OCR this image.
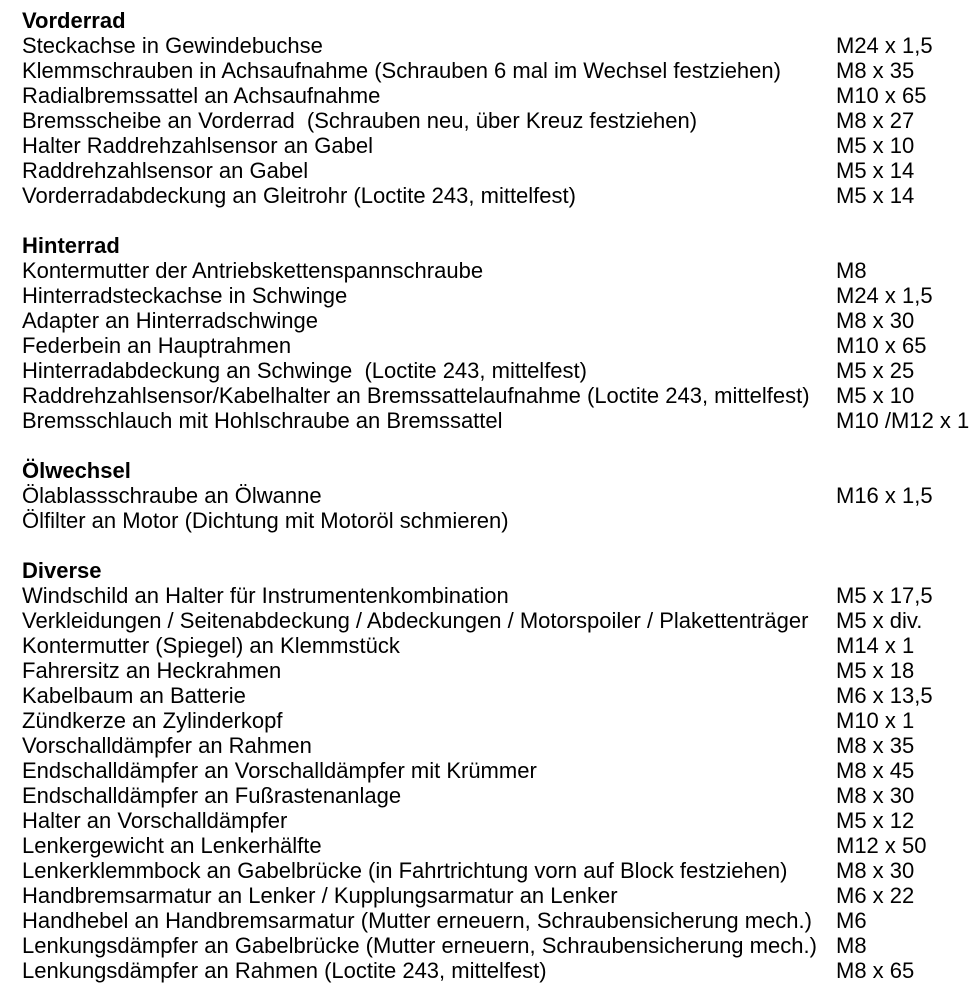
Vorderrad
Steckachse in Gewindebuchse	M24 x 1,5
Klemmschrauben in Achsaufnahme (Schrauben 6 mal im Wechsel festziehen)	M8 x 35
Radialbremssattel an Achsaufnahme	M10 x 65
Bremsscheibe an Vorderrad  (Schrauben neu, über Kreuz festziehen)	M8 x 27
Halter Raddrehzahlsensor an Gabel	M5 x 10
Raddrehzahlsensor an Gabel	M5 x 14
Vorderradabdeckung an Gleitrohr (Loctite 243, mittelfest)	M5 x 14
Hinterrad
Kontermutter der Antriebskettenspannschraube	M8
Hinterradsteckachse in Schwinge	M24 x 1,5
Adapter an Hinterradschwinge	M8 x 30
Federbein an Hauptrahmen	M10 x 65
Hinterradabdeckung an Schwinge  (Loctite 243, mittelfest)	M5 x 25
Raddrehzahlsensor/Kabelhalter an Bremssattelaufnahme (Loctite 243, mittelfest)	M5 x 10
Bremsschlauch mit Hohlschraube an Bremssattel	M10 /M12 x 1
Ölwechsel
Ölablassschraube an Ölwanne	M16 x 1,5
Ölfilter an Motor (Dichtung mit Motoröl schmieren)
Diverse
Windschild an Halter für Instrumentenkombination	M5 x 17,5
Verkleidungen / Seitenabdeckung / Abdeckungen / Motorspoiler / Plakettenträger	M5 x div.
Kontermutter (Spiegel) an Klemmstück	M14 x 1
Fahrersitz an Heckrahmen	M5 x 18
Kabelbaum an Batterie	M6 x 13,5
Zündkerze an Zylinderkopf	M10 x 1
Vorschalldämpfer an Rahmen	M8 x 35
Endschalldämpfer an Vorschalldämpfer mit Krümmer	M8 x 45
Endschalldämpfer an Fußrastenanlage	M8 x 30
Halter an Vorschalldämpfer	M5 x 12
Lenkergewicht an Lenkerhälfte	M12 x 50
Lenkerklemmbock an Gabelbrücke (in Fahrtrichtung vorn auf Block festziehen)	M8 x 30
Handbremsarmatur an Lenker / Kupplungsarmatur an Lenker	M6 x 22
Handhebel an Handbremsarmatur (Mutter erneuern, Schraubensicherung mech.)	M6
Lenkungsdämpfer an Gabelbrücke (Mutter erneuern, Schraubensicherung mech.) M8
Lenkungsdämpfer an Rahmen (Loctite 243, mittelfest)	M8 x 65
